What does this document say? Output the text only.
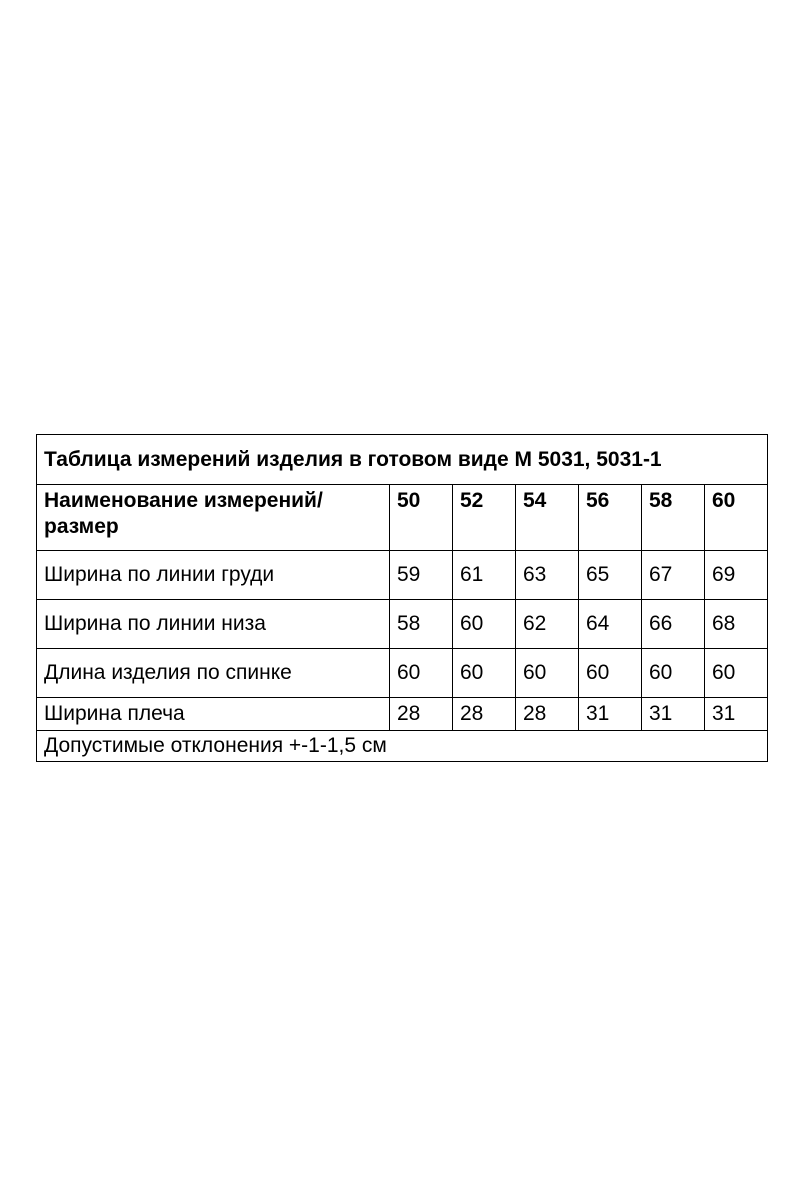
Таблица измерений изделия в готовом виде М 5031, 5031-1						
Наименование измерений/размер	50	52	54	56	58	60
Ширина по линии груди	59	61	63	65	67	69
Ширина по линии низа	58	60	62	64	66	68
Длина изделия по спинке	60	60	60	60	60	60
Ширина плеча	28	28	28	31	31	31
Допустимые отклонения +-1-1,5 см						
